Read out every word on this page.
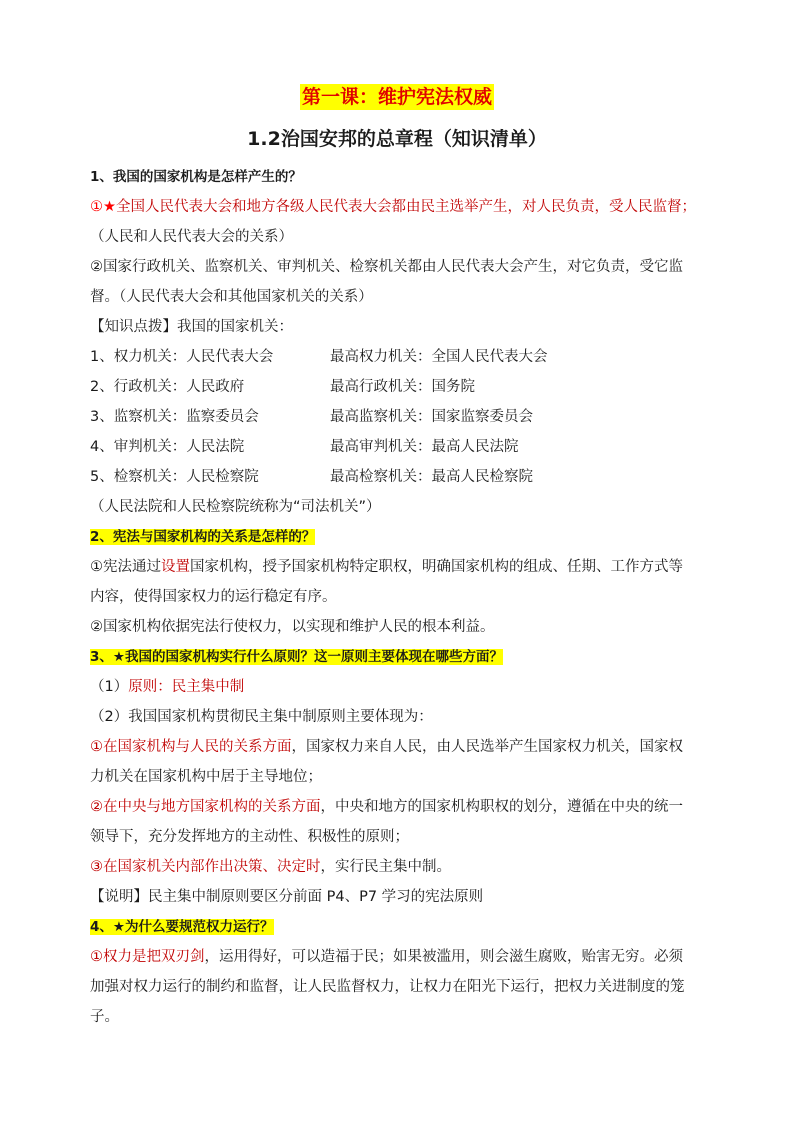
第一课：维护宪法权威
1.2治国安邦的总章程（知识清单）
1、我国的国家机构是怎样产生的？
①★全国人民代表大会和地方各级人民代表大会都由民主选举产生，对人民负责，受人民监督；
（人民和人民代表大会的关系）
②国家行政机关、监察机关、审判机关、检察机关都由人民代表大会产生，对它负责，受它监
督。（人民代表大会和其他国家机关的关系）
【知识点拨】我国的国家机关：
1、权力机关：人民代表大会	最高权力机关：全国人民代表大会
2、行政机关：人民政府	最高行政机关：国务院
3、监察机关：监察委员会	最高监察机关：国家监察委员会
4、审判机关：人民法院	最高审判机关：最高人民法院
5、检察机关：人民检察院	最高检察机关：最高人民检察院
（人民法院和人民检察院统称为“司法机关”）
2、宪法与国家机构的关系是怎样的？
①宪法通过设置国家机构，授予国家机构特定职权，明确国家机构的组成、任期、工作方式等
内容，使得国家权力的运行稳定有序。
②国家机构依据宪法行使权力，以实现和维护人民的根本利益。
3、★我国的国家机构实行什么原则？这一原则主要体现在哪些方面？
（1）原则：民主集中制
（2）我国国家机构贯彻民主集中制原则主要体现为：
①在国家机构与人民的关系方面，国家权力来自人民，由人民选举产生国家权力机关，国家权
力机关在国家机构中居于主导地位；
②在中央与地方国家机构的关系方面，中央和地方的国家机构职权的划分，遵循在中央的统一
领导下，充分发挥地方的主动性、积极性的原则；
③在国家机关内部作出决策、决定时，实行民主集中制。
【说明】民主集中制原则要区分前面 P4、P7 学习的宪法原则
4、★为什么要规范权力运行？
①权力是把双刃剑，运用得好，可以造福于民；如果被滥用，则会滋生腐败，贻害无穷。必须
加强对权力运行的制约和监督，让人民监督权力，让权力在阳光下运行，把权力关进制度的笼
子。
